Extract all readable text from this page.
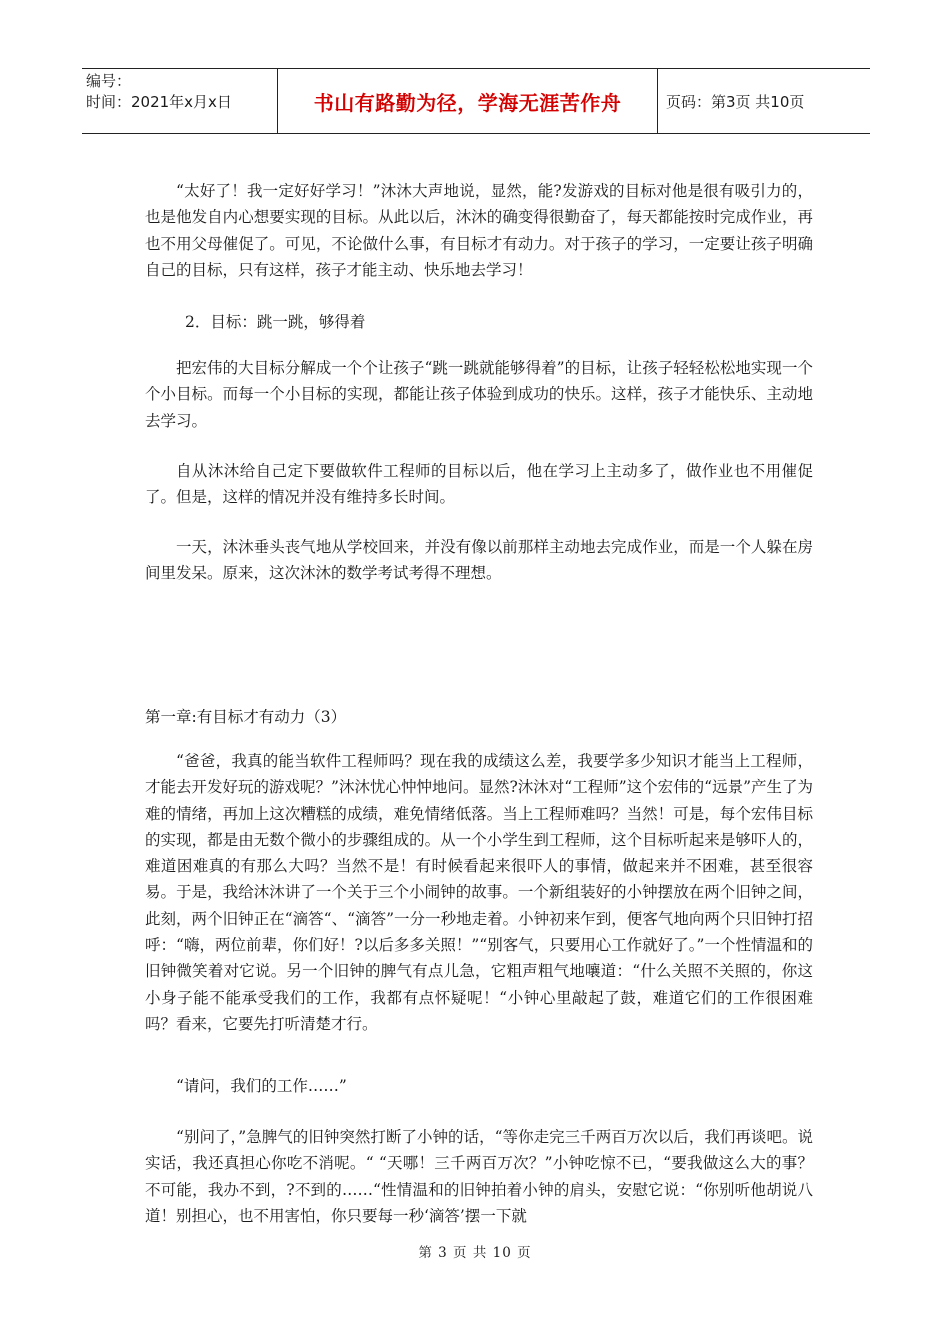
编号：
时间：2021年x月x日	书山有路勤为径，学海无涯苦作舟	页码：第3页 共10页

“太好了！我一定好好学习！”沐沐大声地说，显然，能?发游戏的目标对他是很有吸引力的，也是他发自内心想要实现的目标。从此以后，沐沐的确变得很勤奋了，每天都能按时完成作业，再也不用父母催促了。可见，不论做什么事，有目标才有动力。对于孩子的学习，一定要让孩子明确自己的目标，只有这样，孩子才能主动、快乐地去学习！

2．目标：跳一跳，够得着

把宏伟的大目标分解成一个个让孩子“跳一跳就能够得着”的目标，让孩子轻轻松松地实现一个个小目标。而每一个小目标的实现，都能让孩子体验到成功的快乐。这样，孩子才能快乐、主动地去学习。

自从沐沐给自己定下要做软件工程师的目标以后，他在学习上主动多了，做作业也不用催促了。但是，这样的情况并没有维持多长时间。

一天，沐沐垂头丧气地从学校回来，并没有像以前那样主动地去完成作业，而是一个人躲在房间里发呆。原来，这次沐沐的数学考试考得不理想。

第一章:有目标才有动力（3）

“爸爸，我真的能当软件工程师吗？现在我的成绩这么差，我要学多少知识才能当上工程师，才能去开发好玩的游戏呢？”沐沐忧心忡忡地问。显然?沐沐对“工程师”这个宏伟的“远景”产生了为难的情绪，再加上这次糟糕的成绩，难免情绪低落。当上工程师难吗？当然！可是，每个宏伟目标的实现，都是由无数个微小的步骤组成的。从一个小学生到工程师，这个目标听起来是够吓人的，难道困难真的有那么大吗？当然不是！有时候看起来很吓人的事情，做起来并不困难，甚至很容易。于是，我给沐沐讲了一个关于三个小闹钟的故事。一个新组装好的小钟摆放在两个旧钟之间，此刻，两个旧钟正在“滴答“、“滴答”一分一秒地走着。小钟初来乍到，便客气地向两个只旧钟打招呼：“嗨，两位前辈，你们好！?以后多多关照！”“别客气，只要用心工作就好了。”一个性情温和的旧钟微笑着对它说。另一个旧钟的脾气有点儿急，它粗声粗气地嚷道：“什么关照不关照的，你这小身子能不能承受我们的工作，我都有点怀疑呢！“小钟心里敲起了鼓，难道它们的工作很困难吗？看来，它要先打听清楚才行。

“请问，我们的工作……”

“别问了，”急脾气的旧钟突然打断了小钟的话，“等你走完三千两百万次以后，我们再谈吧。说实话，我还真担心你吃不消呢。“ “天哪！三千两百万次？”小钟吃惊不已，“要我做这么大的事？不可能，我办不到，?不到的……“性情温和的旧钟拍着小钟的肩头，安慰它说：“你别听他胡说八道！别担心，也不用害怕，你只要每一秒‘滴答’摆一下就

第 3 页 共 10 页
